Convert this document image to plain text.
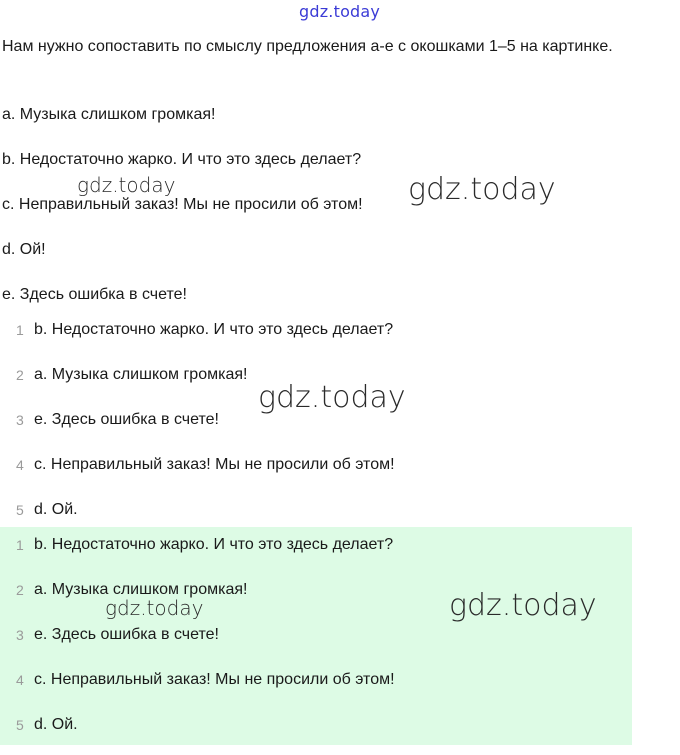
gdz.today
Нам нужно сопоставить по смыслу предложения a-e с окошками 1–5 на картинке.
a. Музыка слишком громкая!
b. Недостаточно жарко. И что это здесь делает?
c. Неправильный заказ! Мы не просили об этом!
d. Ой!
e. Здесь ошибка в счете!
1 b. Недостаточно жарко. И что это здесь делает?
2 a. Музыка слишком громкая!
3 e. Здесь ошибка в счете!
4 c. Неправильный заказ! Мы не просили об этом!
5 d. Ой.
1 b. Недостаточно жарко. И что это здесь делает?
2 a. Музыка слишком громкая!
3 e. Здесь ошибка в счете!
4 c. Неправильный заказ! Мы не просили об этом!
5 d. Ой.
gdz.today	gdz.today
gdz.today
gdz.today	gdz.today
